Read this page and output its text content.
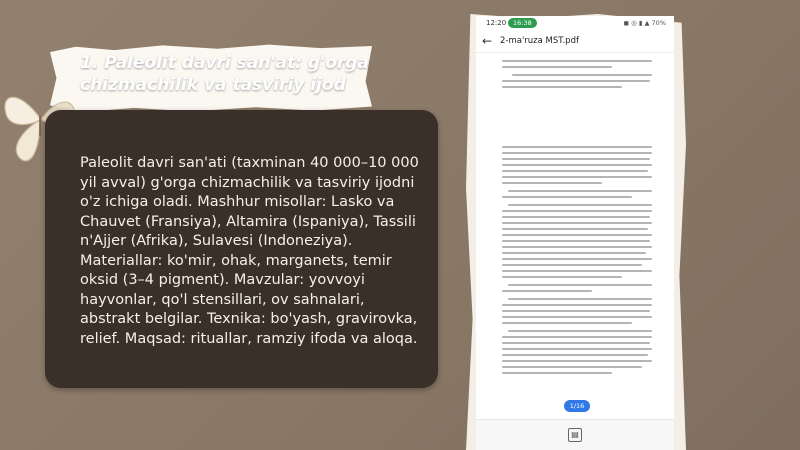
1. Paleolit davri san'at: g'orga chizmachilik va tasviriy ijod
Paleolit davri san'ati (taxminan 40 000–10 000 yil avval) g'orga chizmachilik va tasviriy ijodni o'z ichiga oladi. Mashhur misollar: Lasko va Chauvet (Fransiya), Altamira (Ispaniya), Tassili n'Ajjer (Afrika), Sulavesi (Indoneziya). Materiallar: ko'mir, ohak, marganets, temir oksid (3–4 pigment). Mavzular: yovvoyi hayvonlar, qo'l stensillari, ov sahnalari, abstrakt belgilar. Texnika: bo'yash, gravirovka, relief. Maqsad: rituallar, ramziy ifoda va aloqa.
12:20	16:38	◼ ◎ ▮ ▲ 70%
← 2-ma'ruza MST.pdf
1/16
▤
